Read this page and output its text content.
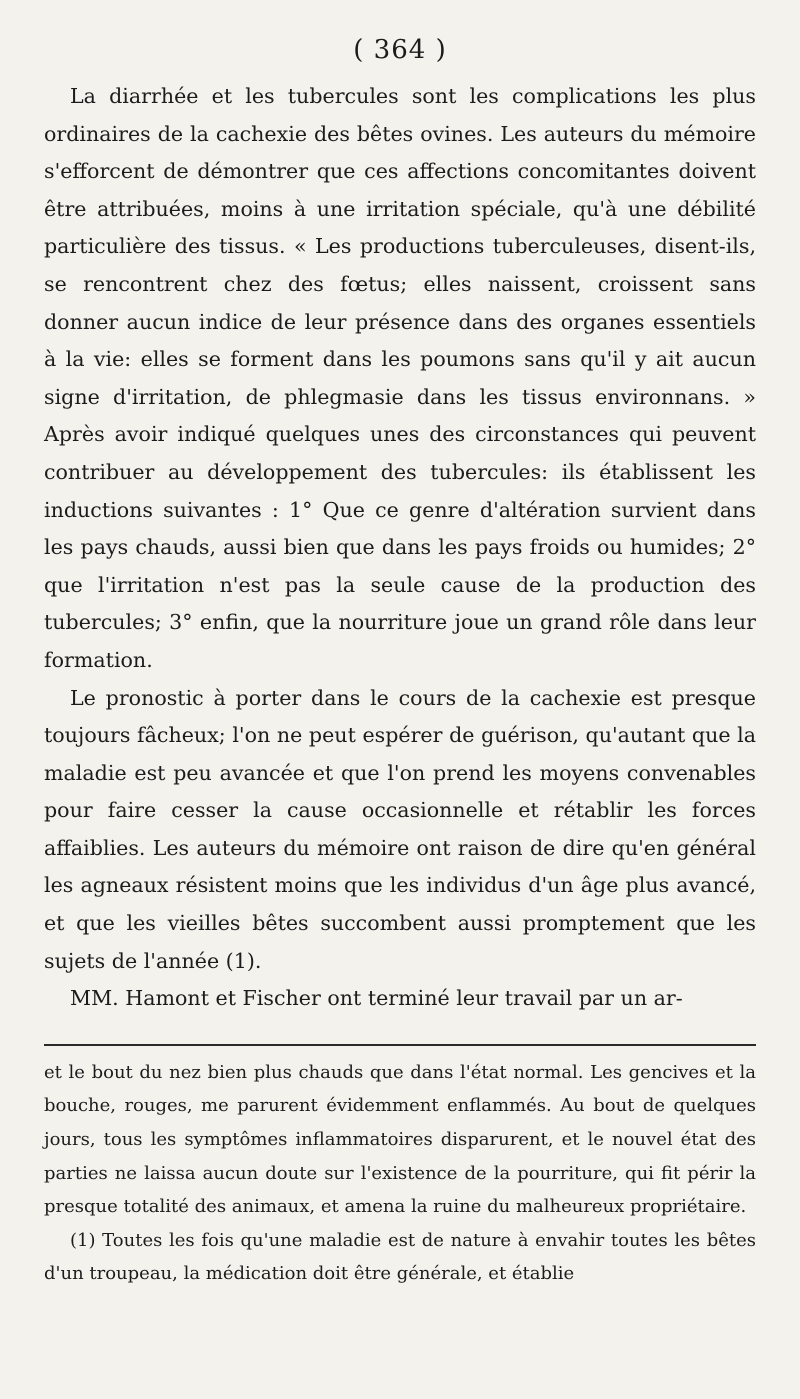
( 364 )

La diarrhée et les tubercules sont les complications les plus ordinaires de la cachexie des bêtes ovines. Les auteurs du mémoire s'efforcent de démontrer que ces affections concomitantes doivent être attribuées, moins à une irritation spéciale, qu'à une débilité particulière des tissus. « Les productions tuberculeuses, disent-ils, se rencontrent chez des fœtus; elles naissent, croissent sans donner aucun indice de leur présence dans des organes essentiels à la vie: elles se forment dans les poumons sans qu'il y ait aucun signe d'irritation, de phlegmasie dans les tissus environnans. » Après avoir indiqué quelques unes des circonstances qui peuvent contribuer au développement des tubercules: ils établissent les inductions suivantes : 1° Que ce genre d'altération survient dans les pays chauds, aussi bien que dans les pays froids ou humides; 2° que l'irritation n'est pas la seule cause de la production des tubercules; 3° enfin, que la nourriture joue un grand rôle dans leur formation.

Le pronostic à porter dans le cours de la cachexie est presque toujours fâcheux; l'on ne peut espérer de guérison, qu'autant que la maladie est peu avancée et que l'on prend les moyens convenables pour faire cesser la cause occasionnelle et rétablir les forces affaiblies. Les auteurs du mémoire ont raison de dire qu'en général les agneaux résistent moins que les individus d'un âge plus avancé, et que les vieilles bêtes succombent aussi promptement que les sujets de l'année (1).

MM. Hamont et Fischer ont terminé leur travail par un ar-

et le bout du nez bien plus chauds que dans l'état normal. Les gencives et la bouche, rouges, me parurent évidemment enflammés. Au bout de quelques jours, tous les symptômes inflammatoires disparurent, et le nouvel état des parties ne laissa aucun doute sur l'existence de la pourriture, qui fit périr la presque totalité des animaux, et amena la ruine du malheureux propriétaire.

(1) Toutes les fois qu'une maladie est de nature à envahir toutes les bêtes d'un troupeau, la médication doit être générale, et établie
